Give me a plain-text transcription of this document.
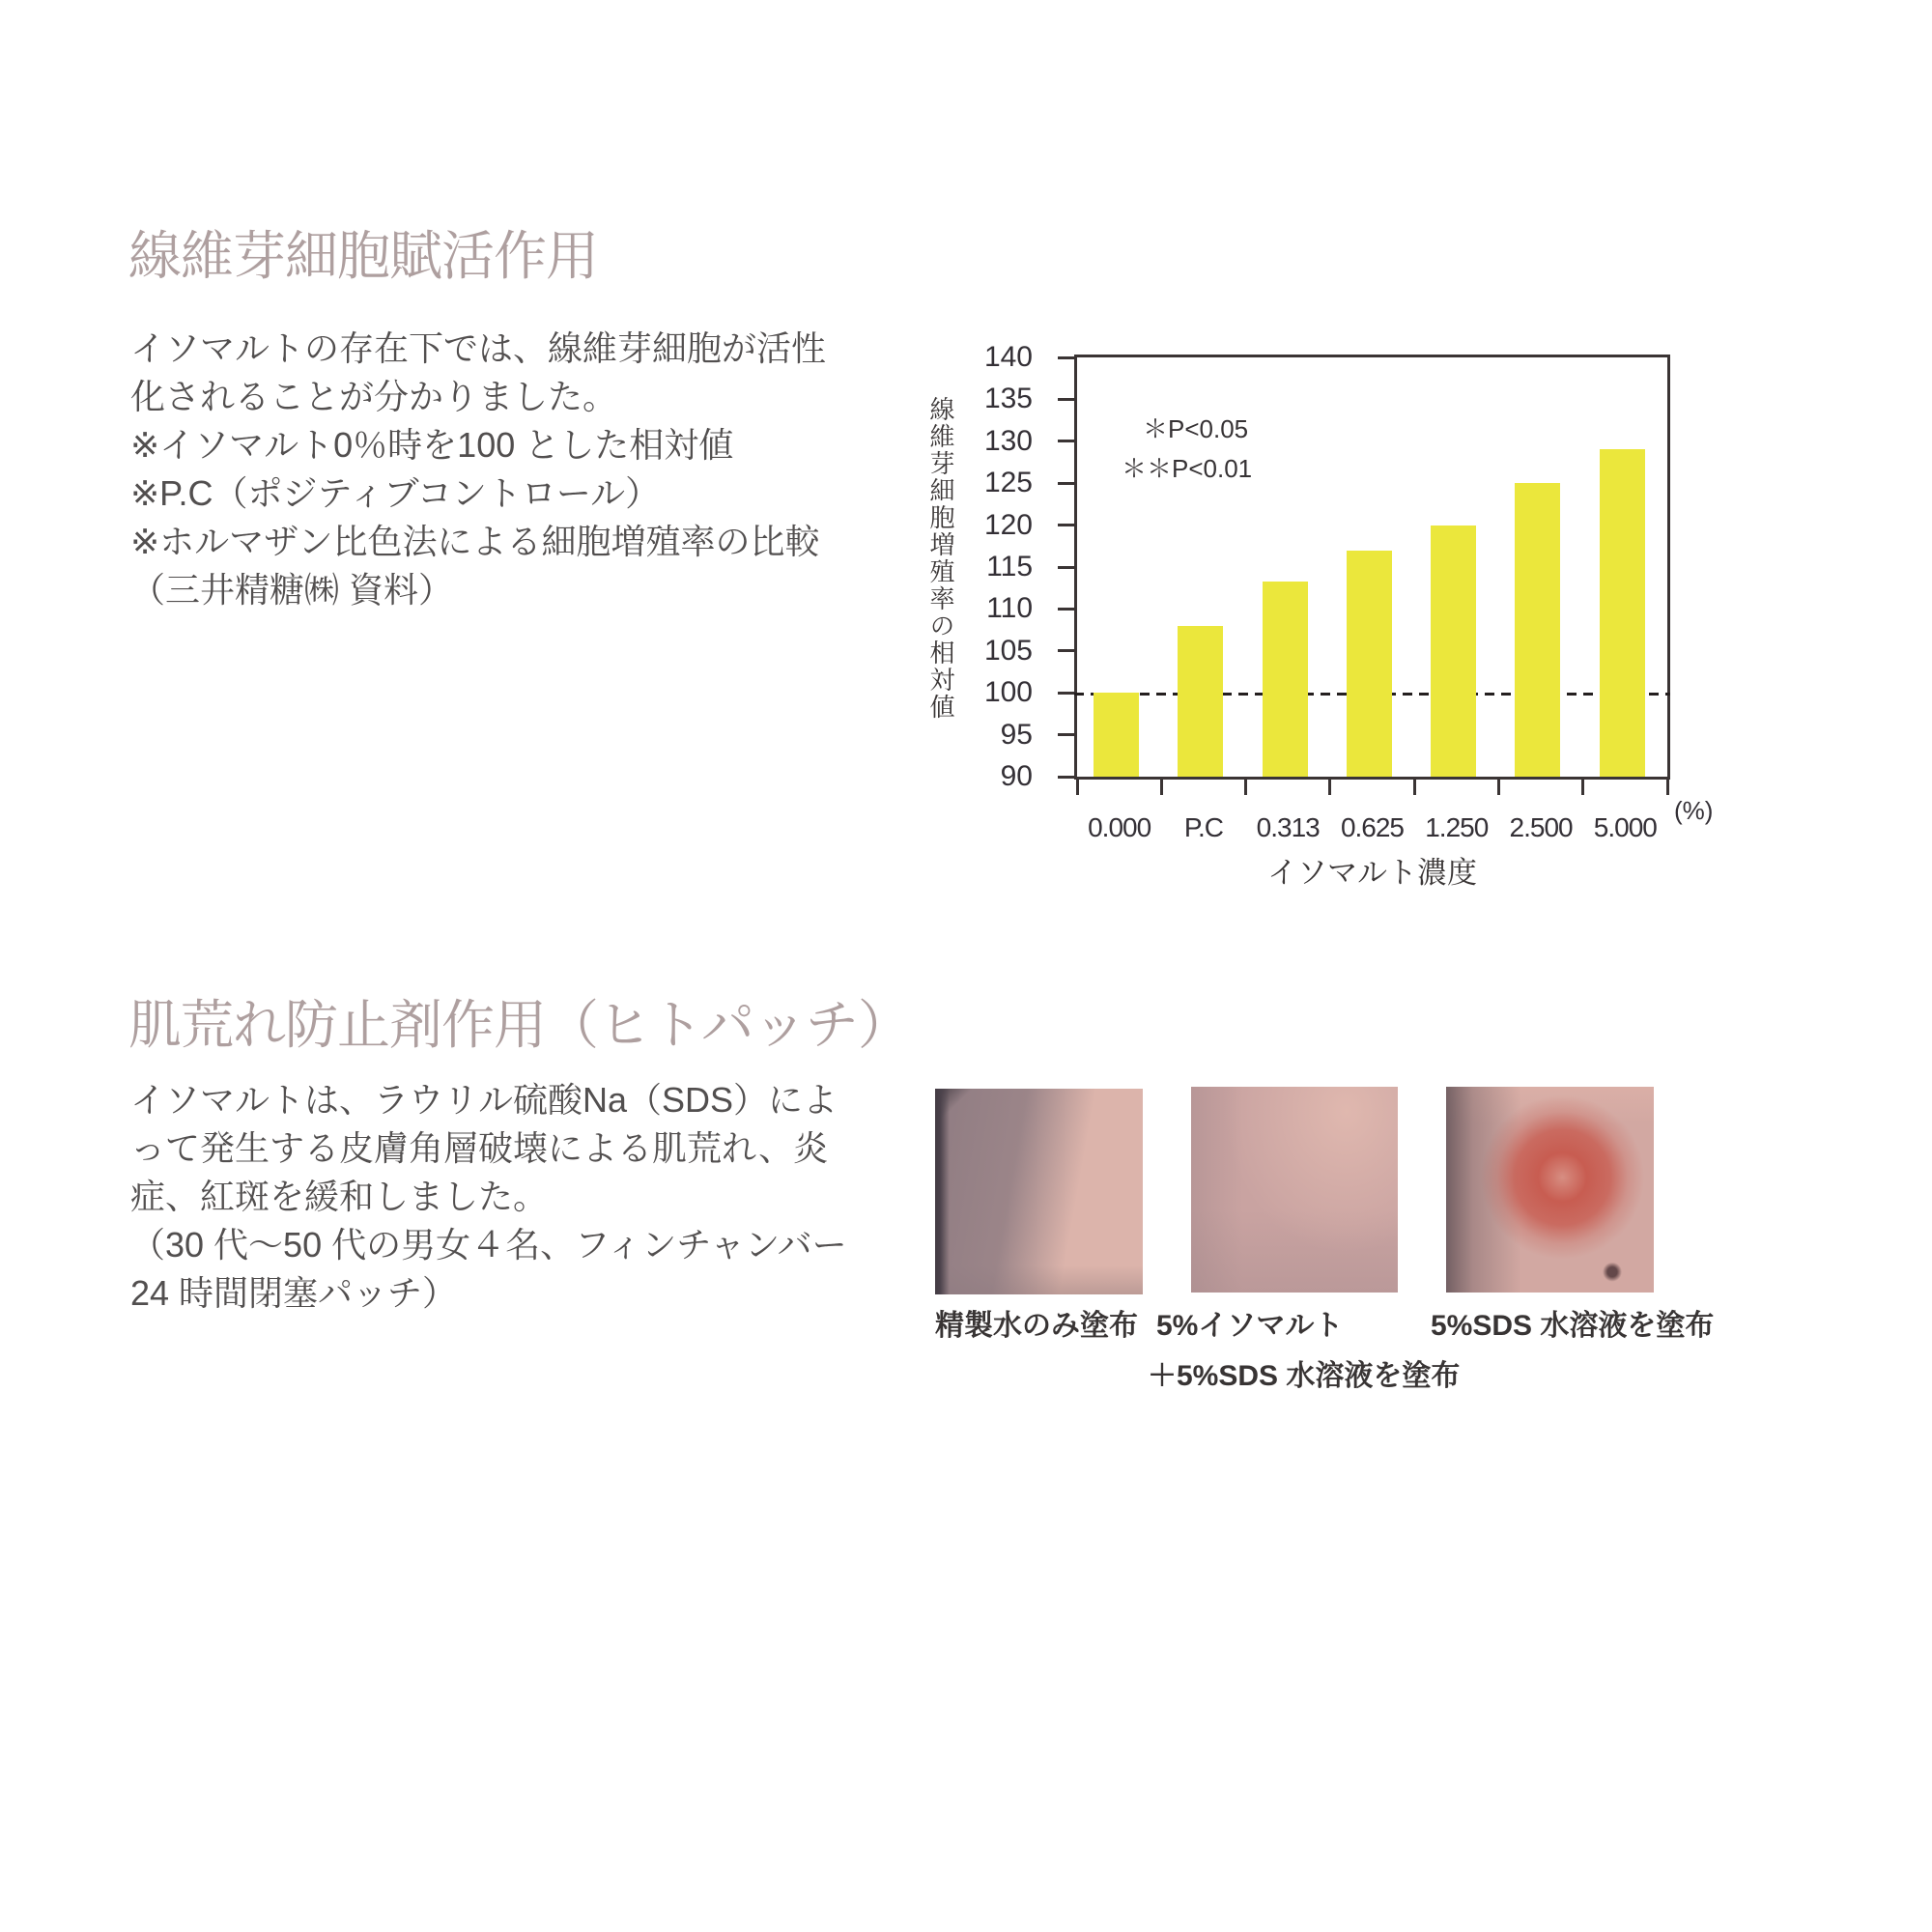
線維芽細胞賦活作用
イソマルトの存在下では、線維芽細胞が活性
化されることが分かりました。
※イソマルト0％時を100 とした相対値
※P.C（ポジティブコントロール）
※ホルマザン比色法による細胞増殖率の比較
（三井精糖㈱ 資料）	線維芽細胞増殖率の相対値	＊P<0.05
＊＊P<0.01
140
135
130
125
120
115
110
105
100
95
90
0.000	P.C	0.313 0.625 1.250 2.500 5.000
イソマルト濃度
(%)
肌荒れ防止剤作用（ヒトパッチ）
イソマルトは、ラウリル硫酸Na（SDS）によ
って発生する皮膚角層破壊による肌荒れ、炎
症、紅斑を緩和しました。
（30 代〜50 代の男女４名、フィンチャンバー
24 時間閉塞パッチ）
精製水のみ塗布 5%イソマルト
＋5%SDS 水溶液を塗布
5%SDS 水溶液を塗布
